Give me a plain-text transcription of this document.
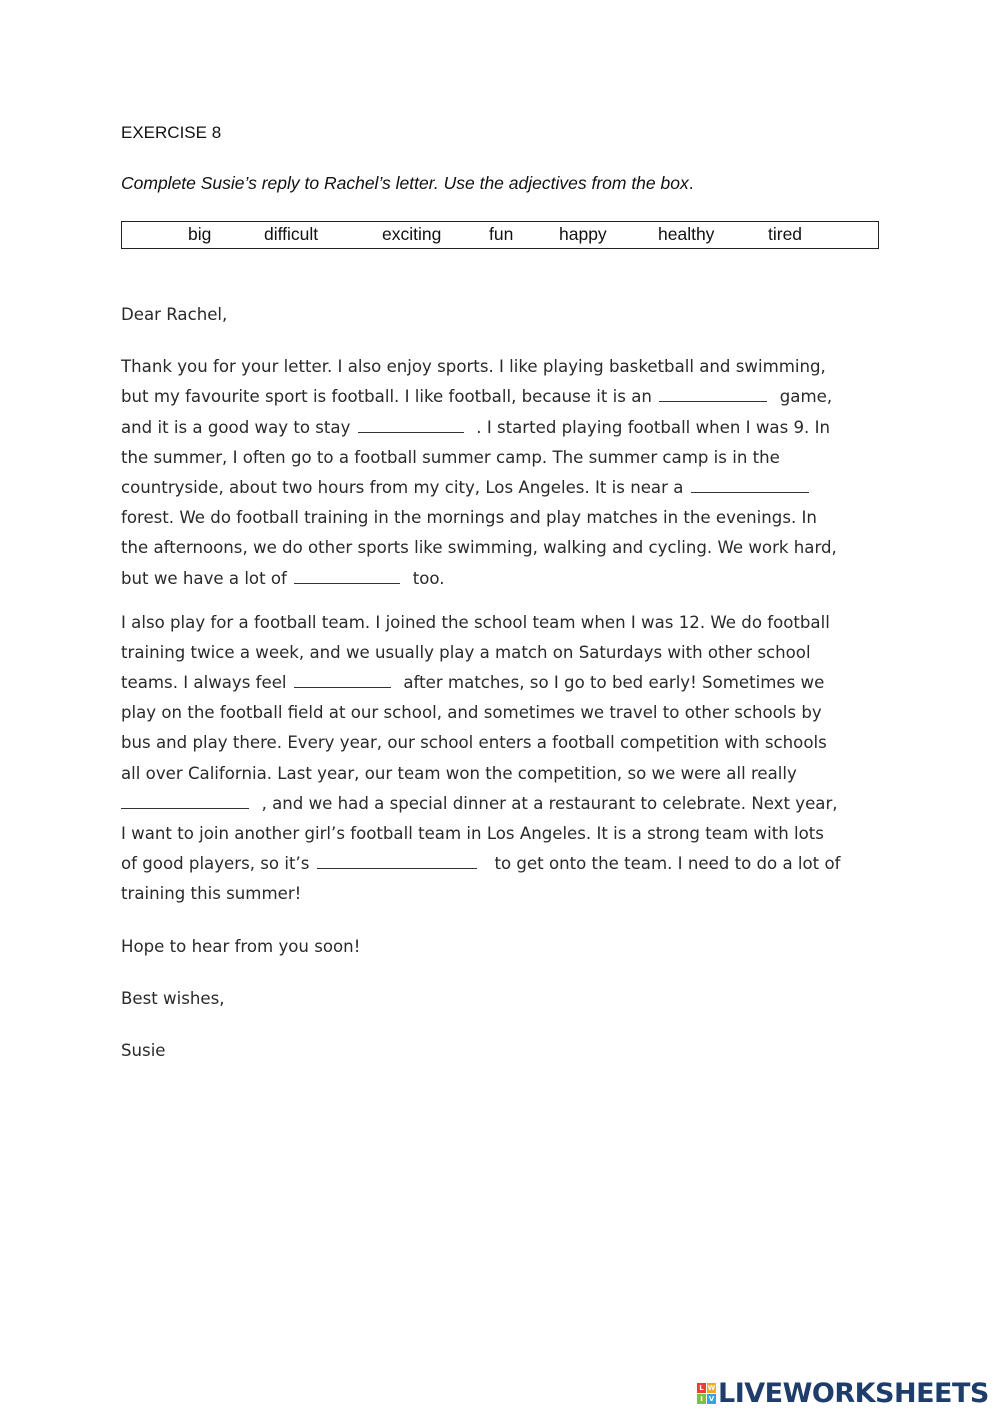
EXERCISE 8
Complete Susie’s reply to Rachel’s letter. Use the adjectives from the box.
big	difficult	exciting	fun	happy	healthy	tired

Dear Rachel,

Thank you for your letter. I also enjoy sports. I like playing basketball and swimming,

but my favourite sport is football. I like football, because it is an	game,

and it is a good way to stay	. I started playing football when I was 9. In

the summer, I often go to a football summer camp. The summer camp is in the

countryside, about two hours from my city, Los Angeles. It is near a

forest. We do football training in the mornings and play matches in the evenings. In

the afternoons, we do other sports like swimming, walking and cycling. We work hard,

but we have a lot of	too.

I also play for a football team. I joined the school team when I was 12. We do football

training twice a week, and we usually play a match on Saturdays with other school

teams. I always feel	after matches, so I go to bed early! Sometimes we

play on the football field at our school, and sometimes we travel to other schools by

bus and play there. Every year, our school enters a football competition with schools

all over California. Last year, our team won the competition, so we were all really

, and we had a special dinner at a restaurant to celebrate. Next year,

I want to join another girl’s football team in Los Angeles. It is a strong team with lots

of good players, so it’s	to get onto the team. I need to do a lot of

training this summer!

Hope to hear from you soon!

Best wishes,

Susie

L W
I V LIVEWORKSHEETS
